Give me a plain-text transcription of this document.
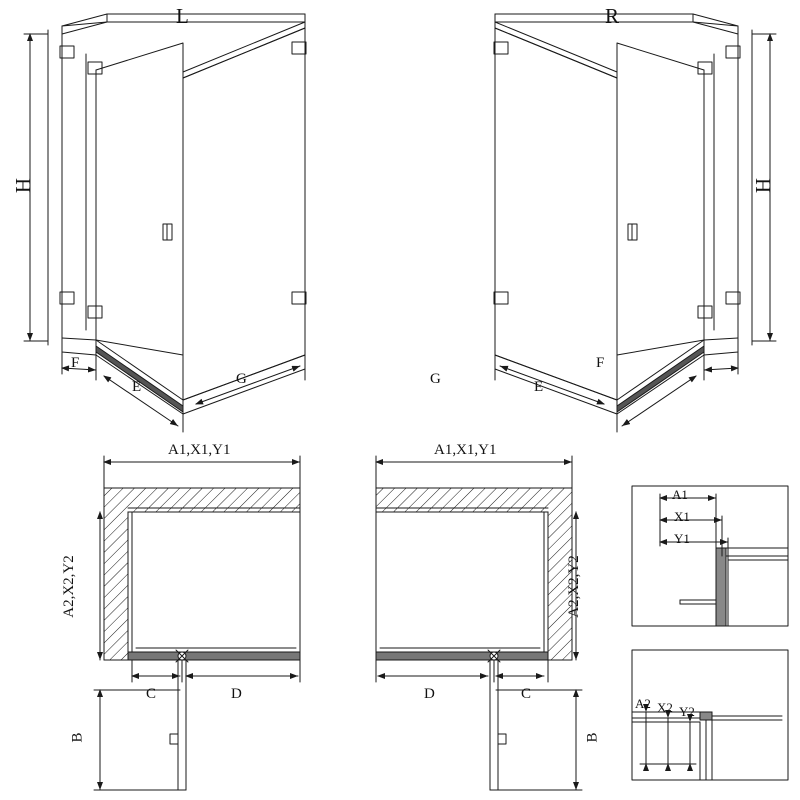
L	R
H	H
F
E	G	G	E
F
A1,X1,Y1	A1,X1,Y1
A2,X2,Y2	A2,X2,Y2
C	D	D	C
B	B
A1
X1
Y1
A2 X2 Y2
